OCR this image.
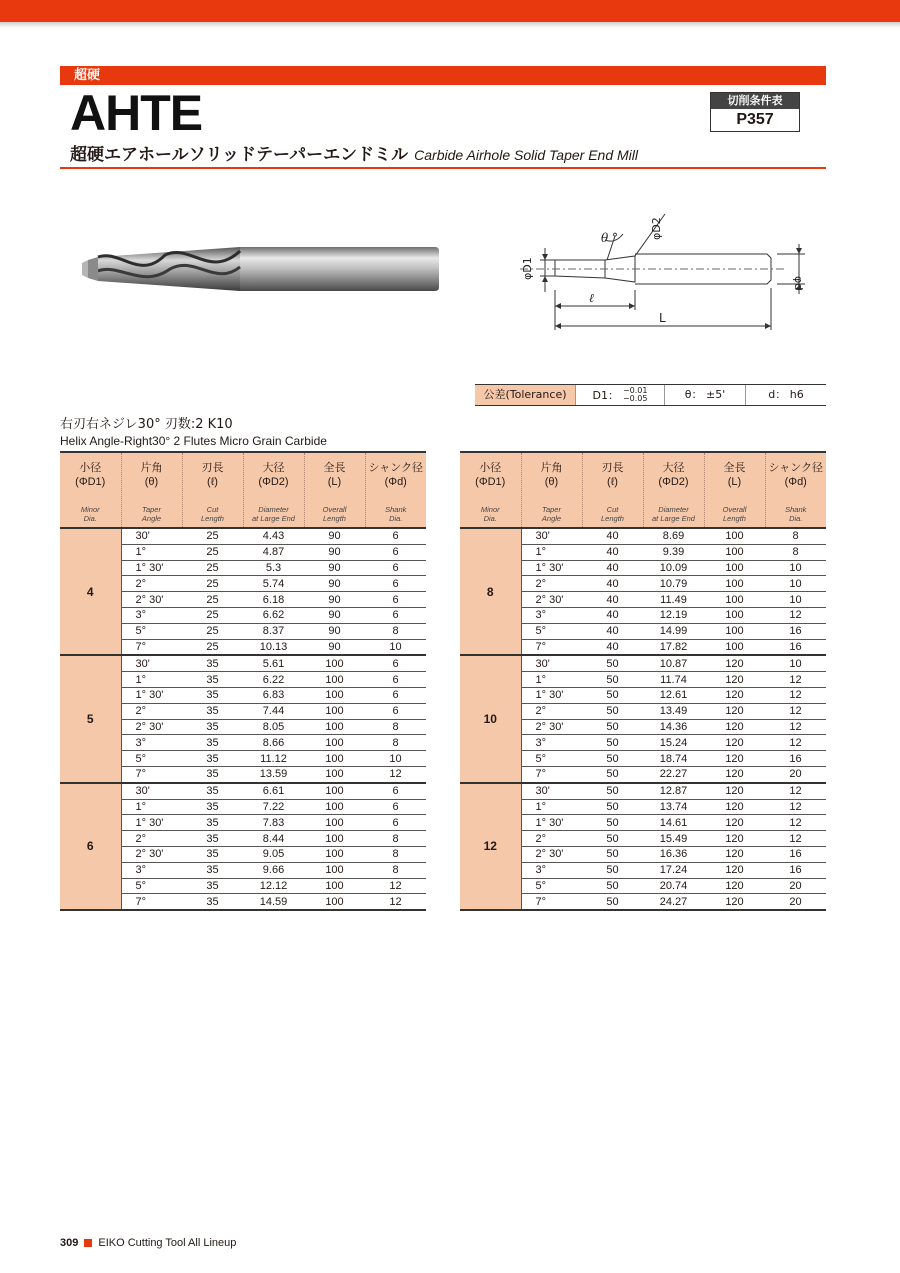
超硬
AHTE	切削条件表
P357
超硬エアホールソリッドテーパーエンドミル Carbide Airhole Solid Taper End Mill
θ °
φD1
φD2
φd
ℓ
L
公差(Tolerance)	D1： −0.01
−0.05	θ： ±5'	d： h6
右刃右ネジレ30° 刃数:2 K10
Helix Angle-Right30° 2 Flutes Micro Grain Carbide
小径
(ΦD1)
Minor
Dia.	片角
(θ)
Taper
Angle	刃長
(ℓ)
Cut
Length	大径
(ΦD2)
Diameter
at Large End	全長
(L)
Overall
Length	シャンク径
(Φd)
Shank
Dia.

4	30'	25	4.43	90	6
	1°	25	4.87	90	6
	1° 30'	25	5.3	90	6
	2°	25	5.74	90	6
	2° 30'	25	6.18	90	6
	3°	25	6.62	90	6
	5°	25	8.37	90	8
	7°	25	10.13	90	10
5	30'	35	5.61	100	6
	1°	35	6.22	100	6
	1° 30'	35	6.83	100	6
	2°	35	7.44	100	6
	2° 30'	35	8.05	100	8
	3°	35	8.66	100	8
	5°	35	11.12	100	10
	7°	35	13.59	100	12
6	30'	35	6.61	100	6
	1°	35	7.22	100	6
	1° 30'	35	7.83	100	6
	2°	35	8.44	100	8
	2° 30'	35	9.05	100	8
	3°	35	9.66	100	8
	5°	35	12.12	100	12
	7°	35	14.59	100	12
小径
(ΦD1)
Minor
Dia.	片角
(θ)
Taper
Angle	刃長
(ℓ)
Cut
Length	大径
(ΦD2)
Diameter
at Large End	全長
(L)
Overall
Length	シャンク径
(Φd)
Shank
Dia.

8	30'	40	8.69	100	8
	1°	40	9.39	100	8
	1° 30'	40	10.09	100	10
	2°	40	10.79	100	10
	2° 30'	40	11.49	100	10
	3°	40	12.19	100	12
	5°	40	14.99	100	16
	7°	40	17.82	100	16
10	30'	50	10.87	120	10
	1°	50	11.74	120	12
	1° 30'	50	12.61	120	12
	2°	50	13.49	120	12
	2° 30'	50	14.36	120	12
	3°	50	15.24	120	12
	5°	50	18.74	120	16
	7°	50	22.27	120	20
12	30'	50	12.87	120	12
	1°	50	13.74	120	12
	1° 30'	50	14.61	120	12
	2°	50	15.49	120	12
	2° 30'	50	16.36	120	16
	3°	50	17.24	120	16
	5°	50	20.74	120	20
	7°	50	24.27	120	20
309 EIKO Cutting Tool All Lineup
